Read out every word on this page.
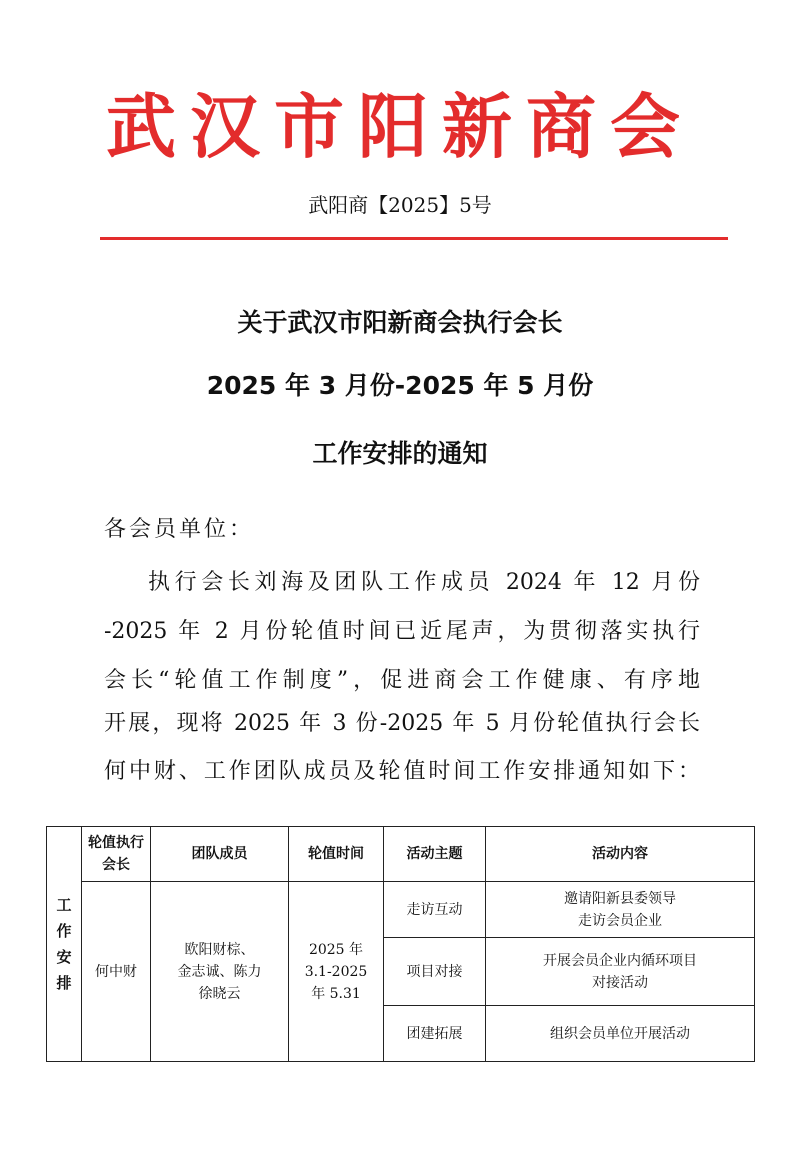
武汉市阳新商会
武阳商【2025】5号
关于武汉市阳新商会执行会长
2025 年 3 月份-2025 年 5 月份
工作安排的通知
各会员单位：
执行会长刘海及团队工作成员 2024 年 12 月份
-2025 年 2 月份轮值时间已近尾声，为贯彻落实执行
会长“轮值工作制度”，促进商会工作健康、有序地
开展，现将 2025 年 3 份-2025 年 5 月份轮值执行会长
何中财、工作团队成员及轮值时间工作安排通知如下：
工作安排	轮值执行会长	团队成员	轮值时间	活动主题	活动内容
	何中财	欧阳财棕、
金志诚、陈力
徐晓云	2025 年
3.1-2025
年 5.31	走访互动	邀请阳新县委领导
走访会员企业
				项目对接	开展会员企业内循环项目
对接活动
				团建拓展	组织会员单位开展活动
